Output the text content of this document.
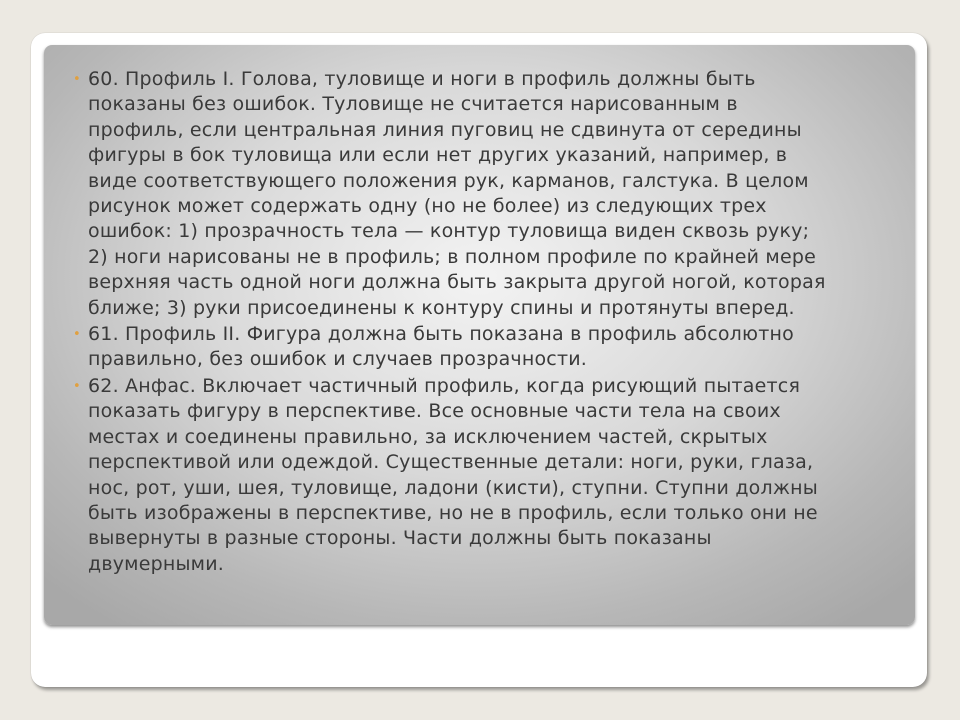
• 60. Профиль I. Голова, туловище и ноги в профиль должны быть
показаны без ошибок. Туловище не считается нарисованным в
профиль, если центральная линия пуговиц не сдвинута от середины
фигуры в бок туловища или если нет других указаний, например, в
виде соответствующего положения рук, карманов, галстука. В целом
рисунок может содержать одну (но не более) из следующих трех
ошибок: 1) прозрачность тела — контур туловища виден сквозь руку;
2) ноги нарисованы не в профиль; в полном профиле по крайней мере
верхняя часть одной ноги должна быть закрыта другой ногой, которая
ближе; 3) руки присоединены к контуру спины и протянуты вперед.
• 61. Профиль II. Фигура должна быть показана в профиль абсолютно
правильно, без ошибок и случаев прозрачности.
• 62. Анфас. Включает частичный профиль, когда рисующий пытается
показать фигуру в перспективе. Все основные части тела на своих
местах и соединены правильно, за исключением частей, скрытых
перспективой или одеждой. Существенные детали: ноги, руки, глаза,
нос, рот, уши, шея, туловище, ладони (кисти), ступни. Ступни должны
быть изображены в перспективе, но не в профиль, если только они не
вывернуты в разные стороны. Части должны быть показаны
двумерными.
